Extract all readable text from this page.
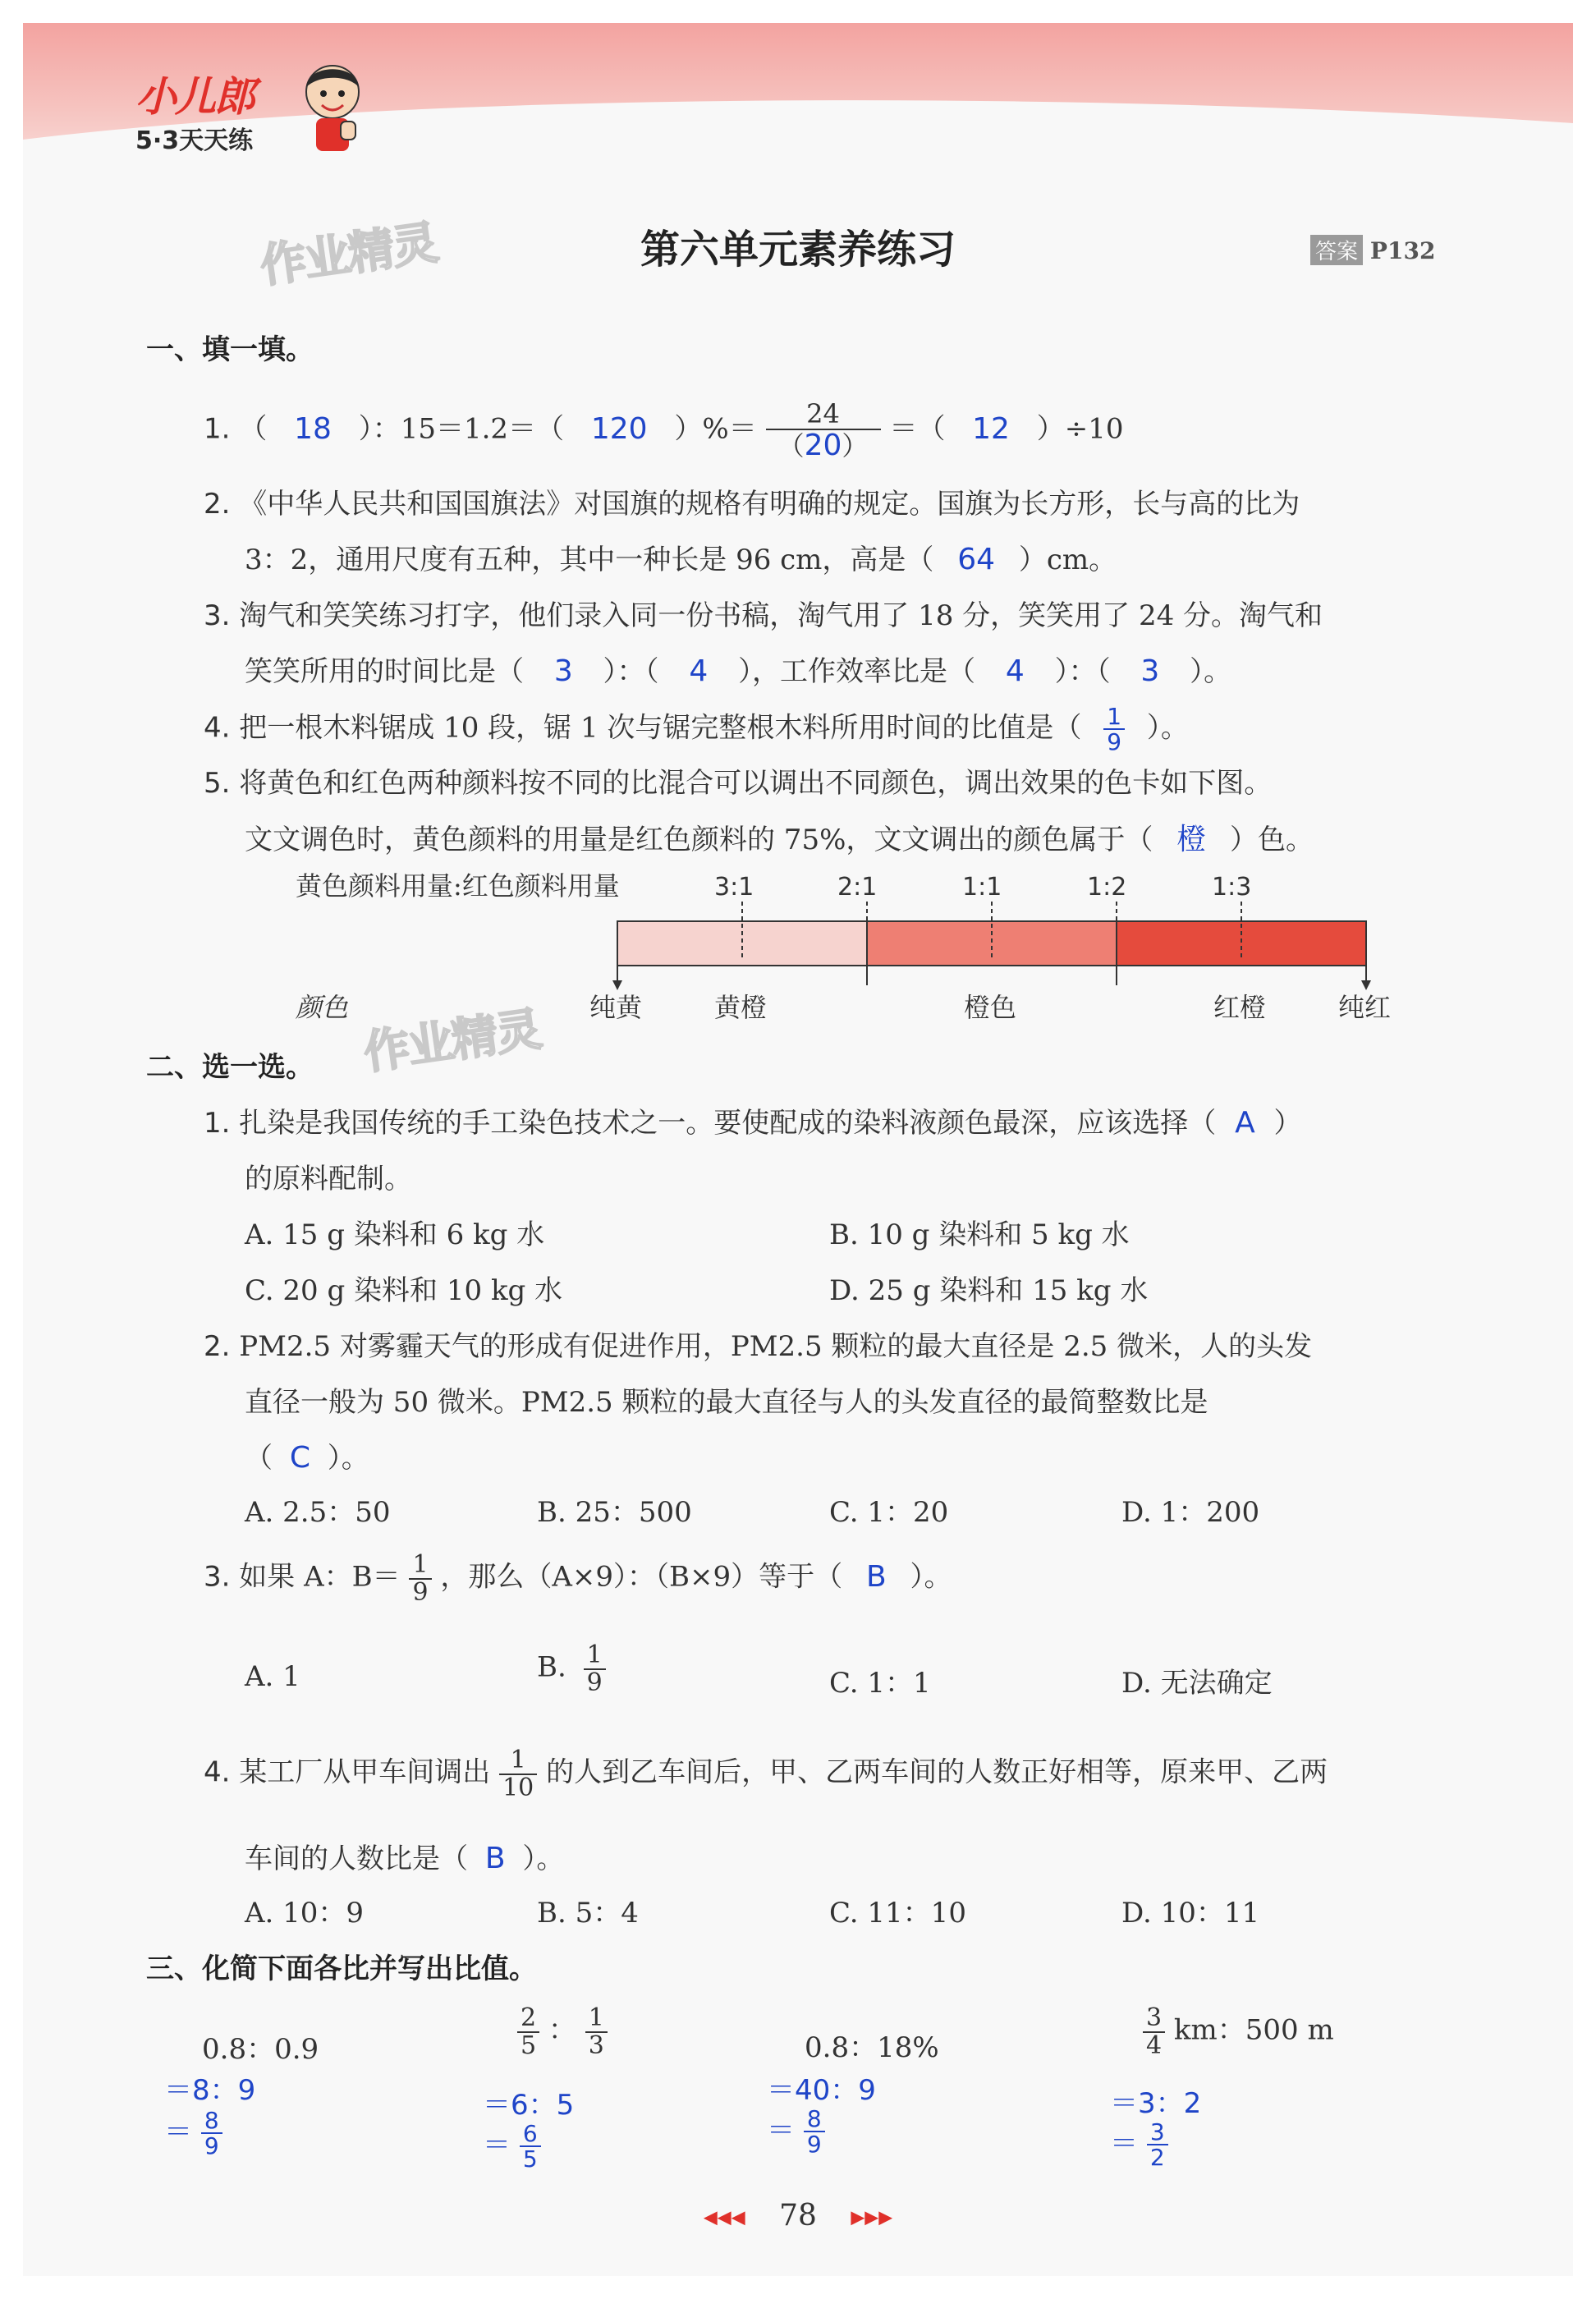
小儿郎
5·3天天练
作业精灵
作业精灵
第六单元素养练习	答案 P132
一、填一填。
1. （ 18 ）：15＝1.2＝（ 120 ）%＝ $\frac{24}{(20)}$ ＝（ 12 ）÷10
2. 《中华人民共和国国旗法》对国旗的规格有明确的规定。国旗为长方形，长与高的比为
3：2，通用尺度有五种，其中一种长是 96 cm，高是（ 64 ）cm。
3. 淘气和笑笑练习打字，他们录入同一份书稿，淘气用了 18 分，笑笑用了 24 分。淘气和
笑笑所用的时间比是（ 3 ）：（ 4 ），工作效率比是（ 4 ）：（ 3 ）。
4. 把一根木料锯成 10 段，锯 1 次与锯完整根木料所用时间的比值是（ $\frac{1}{9}$ ）。
5. 将黄色和红色两种颜料按不同的比混合可以调出不同颜色，调出效果的色卡如下图。
文文调色时，黄色颜料的用量是红色颜料的 75%，文文调出的颜色属于（ 橙 ）色。
黄色颜料用量:红色颜料用量	3:1	2:1	1:1	1:2	1:3
颜色	纯黄	黄橙	橙色	红橙	纯红
二、选一选。
1. 扎染是我国传统的手工染色技术之一。要使配成的染料液颜色最深，应该选择（ A ）
的原料配制。
A. 15 g 染料和 6 kg 水	B. 10 g 染料和 5 kg 水
C. 20 g 染料和 10 kg 水	D. 25 g 染料和 15 kg 水
2. PM2.5 对雾霾天气的形成有促进作用，PM2.5 颗粒的最大直径是 2.5 微米，人的头发
直径一般为 50 微米。PM2.5 颗粒的最大直径与人的头发直径的最简整数比是
（ C ）。
A. 2.5：50	B. 25：500	C. 1：20	D. 1：200
3. 如果 A：$B= \frac{1}{9}$ ，那么（A×9）：（B×9）等于（ B ）。
A. 1	B. $\frac{1}{9}$	C. 1：1	D. 无法确定
4. 某工厂从甲车间调出 $\frac{1}{10}$ 的人到乙车间后，甲、乙两车间的人数正好相等，原来甲、乙两
车间的人数比是（ B ）。
A. 10：9	B. 5：4	C. 11：10	D. 10：11
三、化简下面各比并写出比值。
0.8：0.9
＝8：9
＝ $\frac{8}{9}$
$\frac{2}{5}$ ： $\frac{1}{3}$
＝6：5
＝ $\frac{6}{5}$
0.8：18%
＝40：9
＝ $\frac{8}{9}$
$\frac{3}{4}$ km：500 m
＝3：2
＝ $\frac{3}{2}$
◀◀◀ 78 ▶▶▶
